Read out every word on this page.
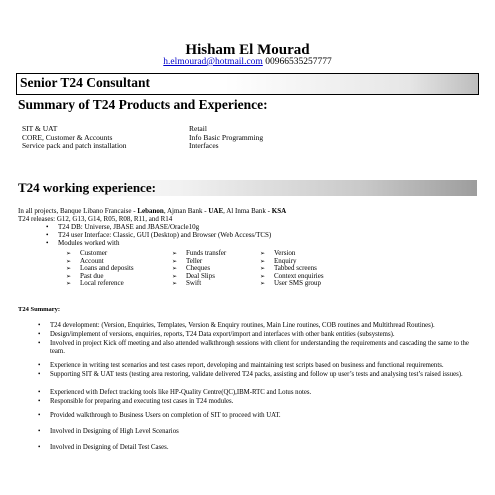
Hisham El Mourad
h.elmourad@hotmail.com 00966535257777
Senior T24 Consultant
Summary of T24 Products and Experience:
SIT & UAT
CORE, Customer & Accounts
Service pack and patch installation
Retail
Info Basic Programming
Interfaces
T24 working experience:
In all projects, Banque Libano Francaise - Lebanon, Ajman Bank - UAE, Al Inma Bank - KSA
T24 releases: G12, G13, G14, R05, R08, R11, and R14
• T24 DB: Universe, JBASE and JBASE/Oracle10g
• T24 user Interface: Classic, GUI (Desktop) and Browser (Web Access/TCS)
• Modules worked with
➢ Customer
➢ Account
➢ Loans and deposits
➢ Past due
➢ Local reference
➢ Funds transfer
➢ Teller
➢ Cheques
➢ Deal Slips
➢ Swift
➢ Version
➢ Enquiry
➢ Tabbed screens
➢ Context enquiries
➢ User SMS group
T24 Summary:
• T24 development: (Version, Enquiries, Templates, Version & Enquiry routines, Main Line routines, COB routines and Multithread Routines).
• Design/implement of versions, enquiries, reports, T24 Data export/import and interfaces with other bank entities (subsystems).
• Involved in project Kick off meeting and also attended walkthrough sessions with client for understanding the requirements and cascading the same to the team.
• Experience in writing test scenarios and test cases report, developing and maintaining test scripts based on business and functional requirements.
• Supporting SIT & UAT tests (testing area restoring, validate delivered T24 packs, assisting and follow up user’s tests and analysing test’s raised issues).
• Experienced with Defect tracking tools like HP-Quality Centre(QC),IBM-RTC and Lotus notes.
• Responsible for preparing and executing test cases in T24 modules.
• Provided walkthrough to Business Users on completion of SIT to proceed with UAT.
• Involved in Designing of High Level Scenarios
• Involved in Designing of Detail Test Cases.
